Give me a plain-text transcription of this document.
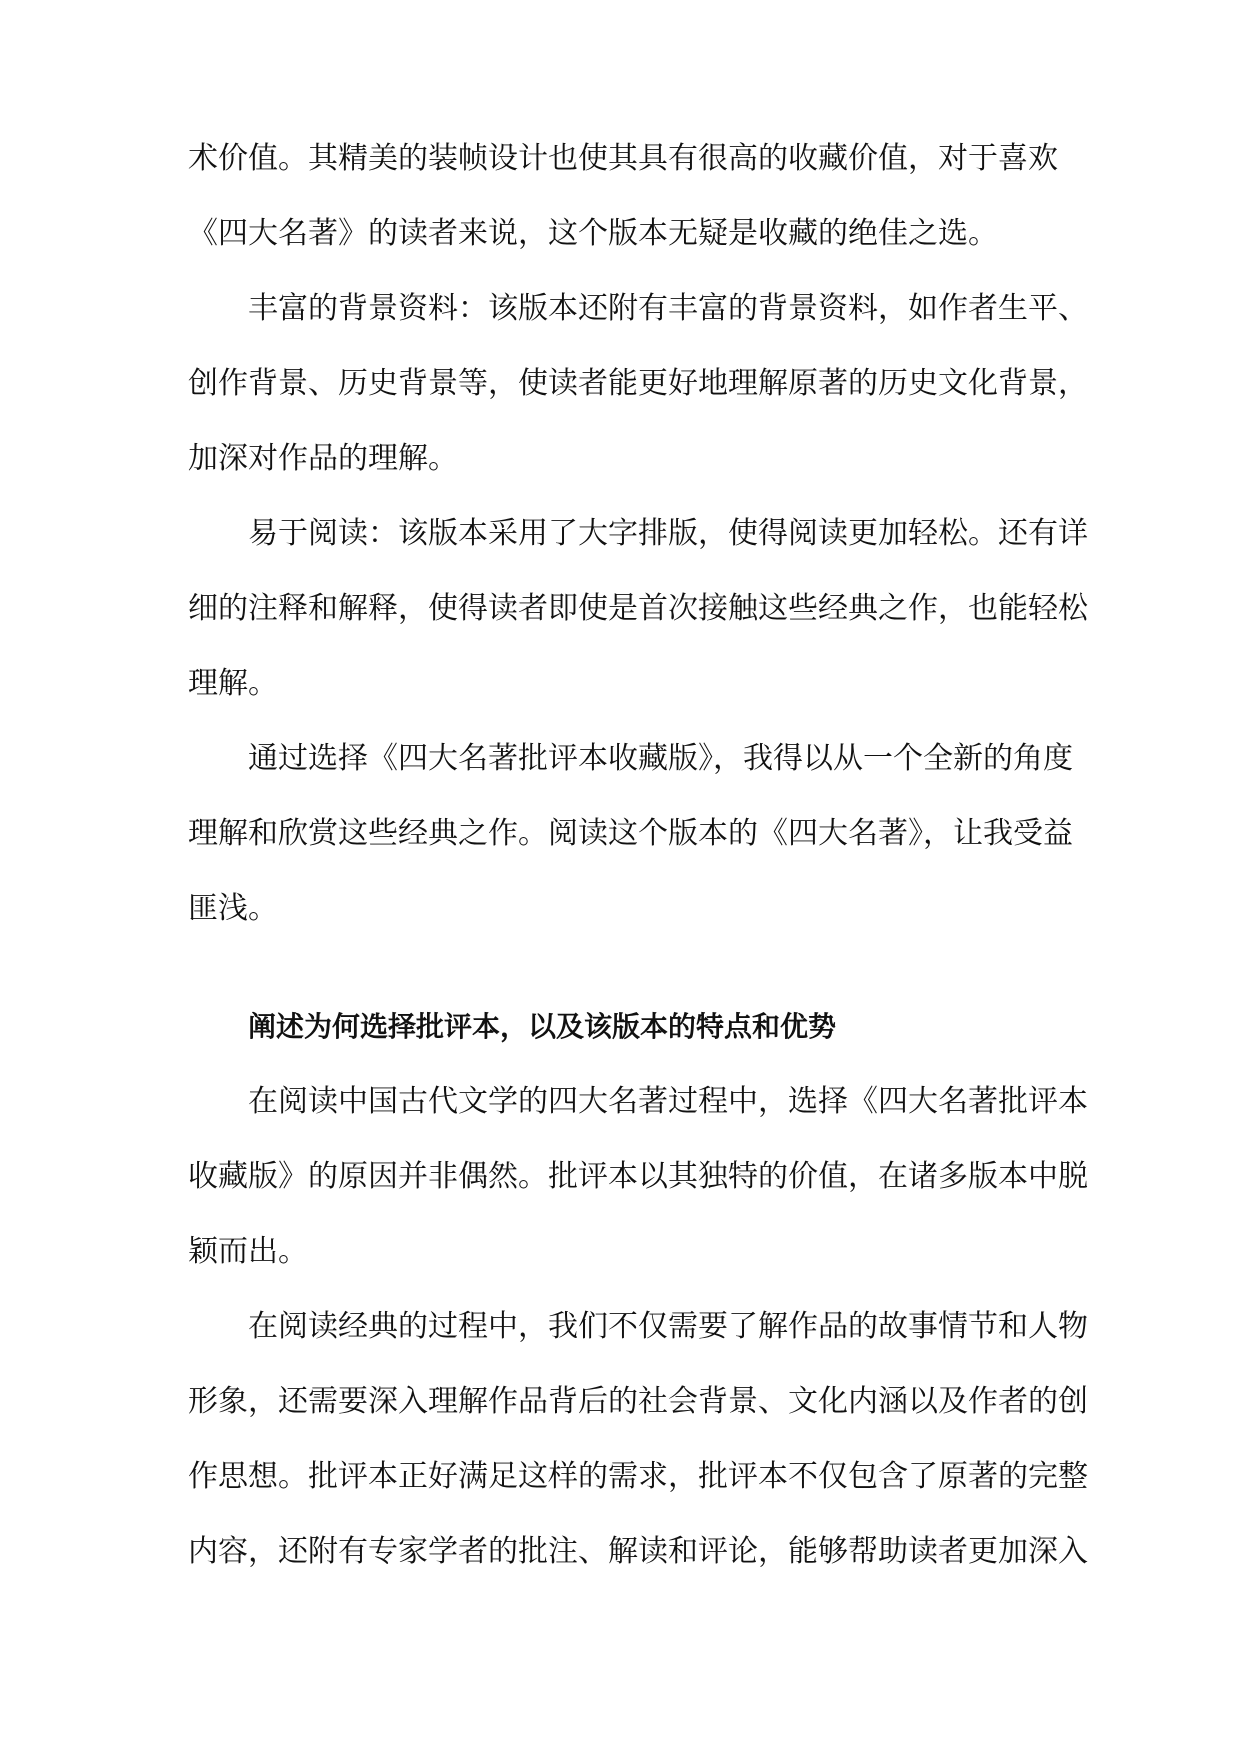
术价值。其精美的装帧设计也使其具有很高的收藏价值，对于喜欢
《四大名著》的读者来说，这个版本无疑是收藏的绝佳之选。
丰富的背景资料：该版本还附有丰富的背景资料，如作者生平、
创作背景、历史背景等，使读者能更好地理解原著的历史文化背景，
加深对作品的理解。
易于阅读：该版本采用了大字排版，使得阅读更加轻松。还有详
细的注释和解释，使得读者即使是首次接触这些经典之作，也能轻松
理解。
通过选择《四大名著批评本收藏版》，我得以从一个全新的角度
理解和欣赏这些经典之作。阅读这个版本的《四大名著》，让我受益
匪浅。
阐述为何选择批评本，以及该版本的特点和优势
在阅读中国古代文学的四大名著过程中，选择《四大名著批评本
收藏版》的原因并非偶然。批评本以其独特的价值，在诸多版本中脱
颖而出。
在阅读经典的过程中，我们不仅需要了解作品的故事情节和人物
形象，还需要深入理解作品背后的社会背景、文化内涵以及作者的创
作思想。批评本正好满足这样的需求，批评本不仅包含了原著的完整
内容，还附有专家学者的批注、解读和评论，能够帮助读者更加深入
